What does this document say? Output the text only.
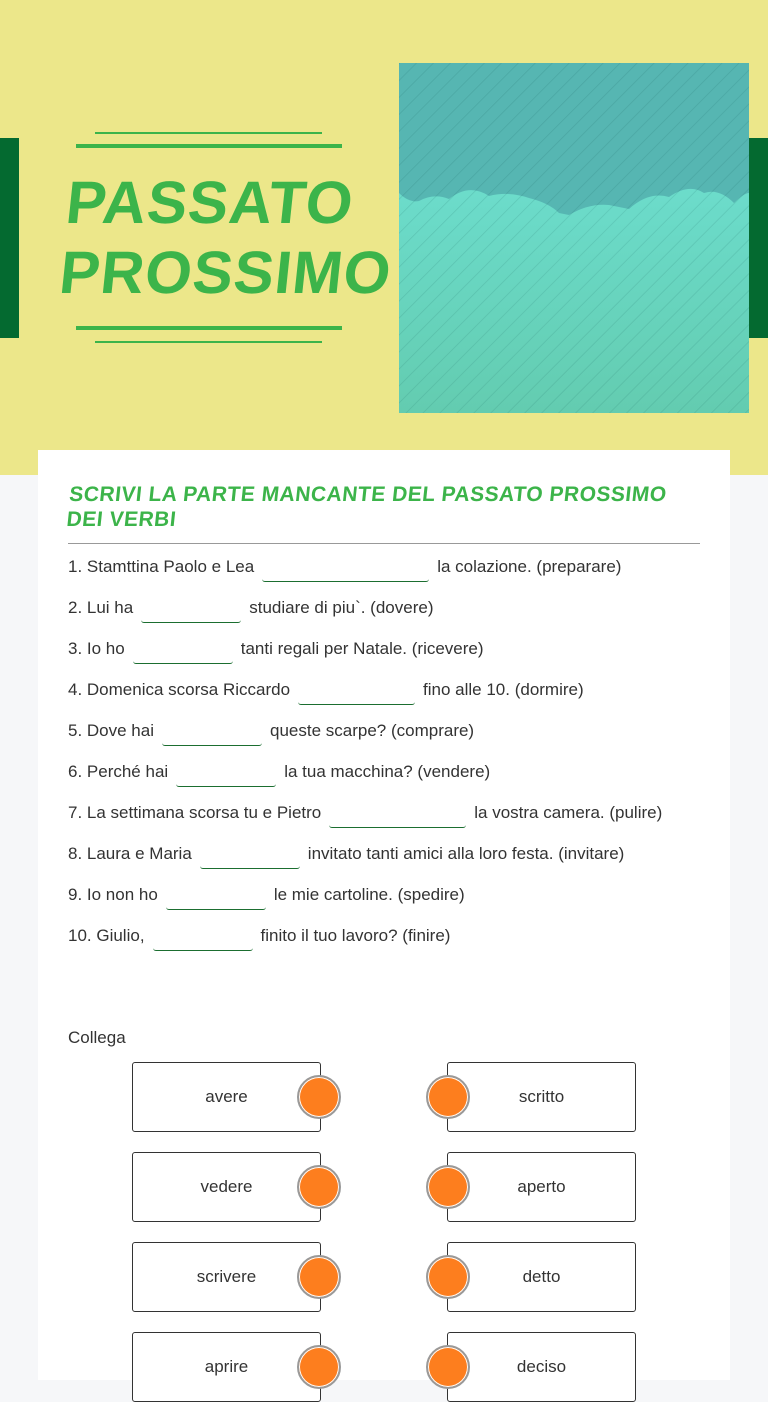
PASSATO
PROSSIMO
SCRIVI LA PARTE MANCANTE DEL PASSATO PROSSIMO DEI VERBI
1. Stamttina Paolo e Lea	la colazione. (preparare)
2. Lui ha	studiare di piu`. (dovere)
3. Io ho	tanti regali per Natale. (ricevere)
4. Domenica scorsa Riccardo	fino alle 10. (dormire)
5. Dove hai	queste scarpe? (comprare)
6. Perché hai	la tua macchina? (vendere)
7. La settimana scorsa tu e Pietro	la vostra camera. (pulire)
8. Laura e Maria	invitato tanti amici alla loro festa. (invitare)
9. Io non ho	le mie cartoline. (spedire)
10. Giulio,	finito il tuo lavoro? (finire)
Collega
avere	scritto
vedere	aperto
scrivere	detto
aprire	deciso
